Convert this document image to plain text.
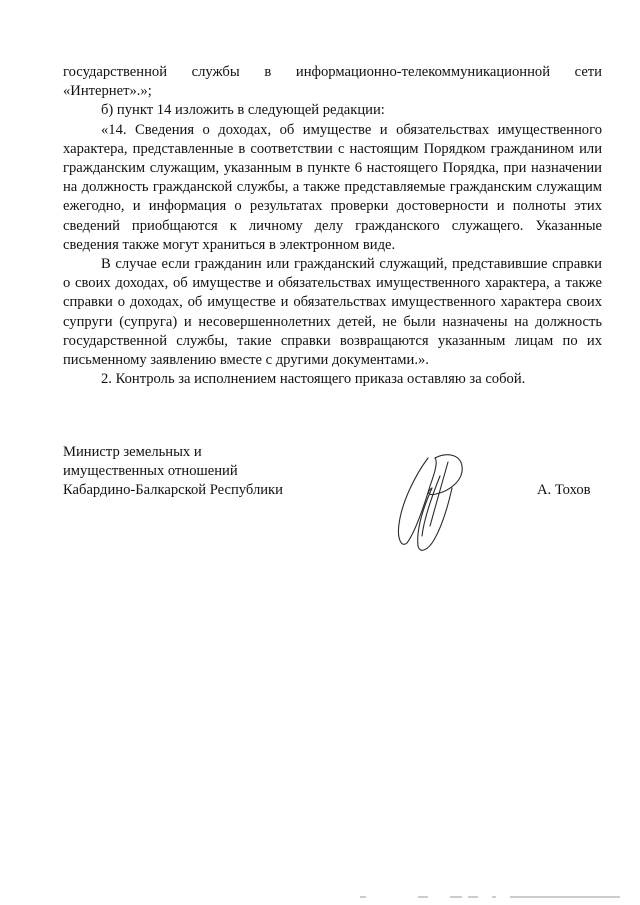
государственной службы в информационно-телекоммуникационной сети «Интернет».»;

б) пункт 14 изложить в следующей редакции:

«14. Сведения о доходах, об имуществе и обязательствах имущественного характера, представленные в соответствии с настоящим Порядком гражданином или гражданским служащим, указанным в пункте 6 настоящего Порядка, при назначении на должность гражданской службы, а также представляемые гражданским служащим ежегодно, и информация о результатах проверки достоверности и полноты этих сведений приобщаются к личному делу гражданского служащего. Указанные сведения также могут храниться в электронном виде.

В случае если гражданин или гражданский служащий, представившие справки о своих доходах, об имуществе и обязательствах имущественного характера, а также справки о доходах, об имуществе и обязательствах имущественного характера своих супруги (супруга) и несовершеннолетних детей, не были назначены на должность государственной службы, такие справки возвращаются указанным лицам по их письменному заявлению вместе с другими документами.».

2. Контроль за исполнением настоящего приказа оставляю за собой.

Министр земельных и
имущественных отношений
Кабардино-Балкарской Республики	А. Тохов
